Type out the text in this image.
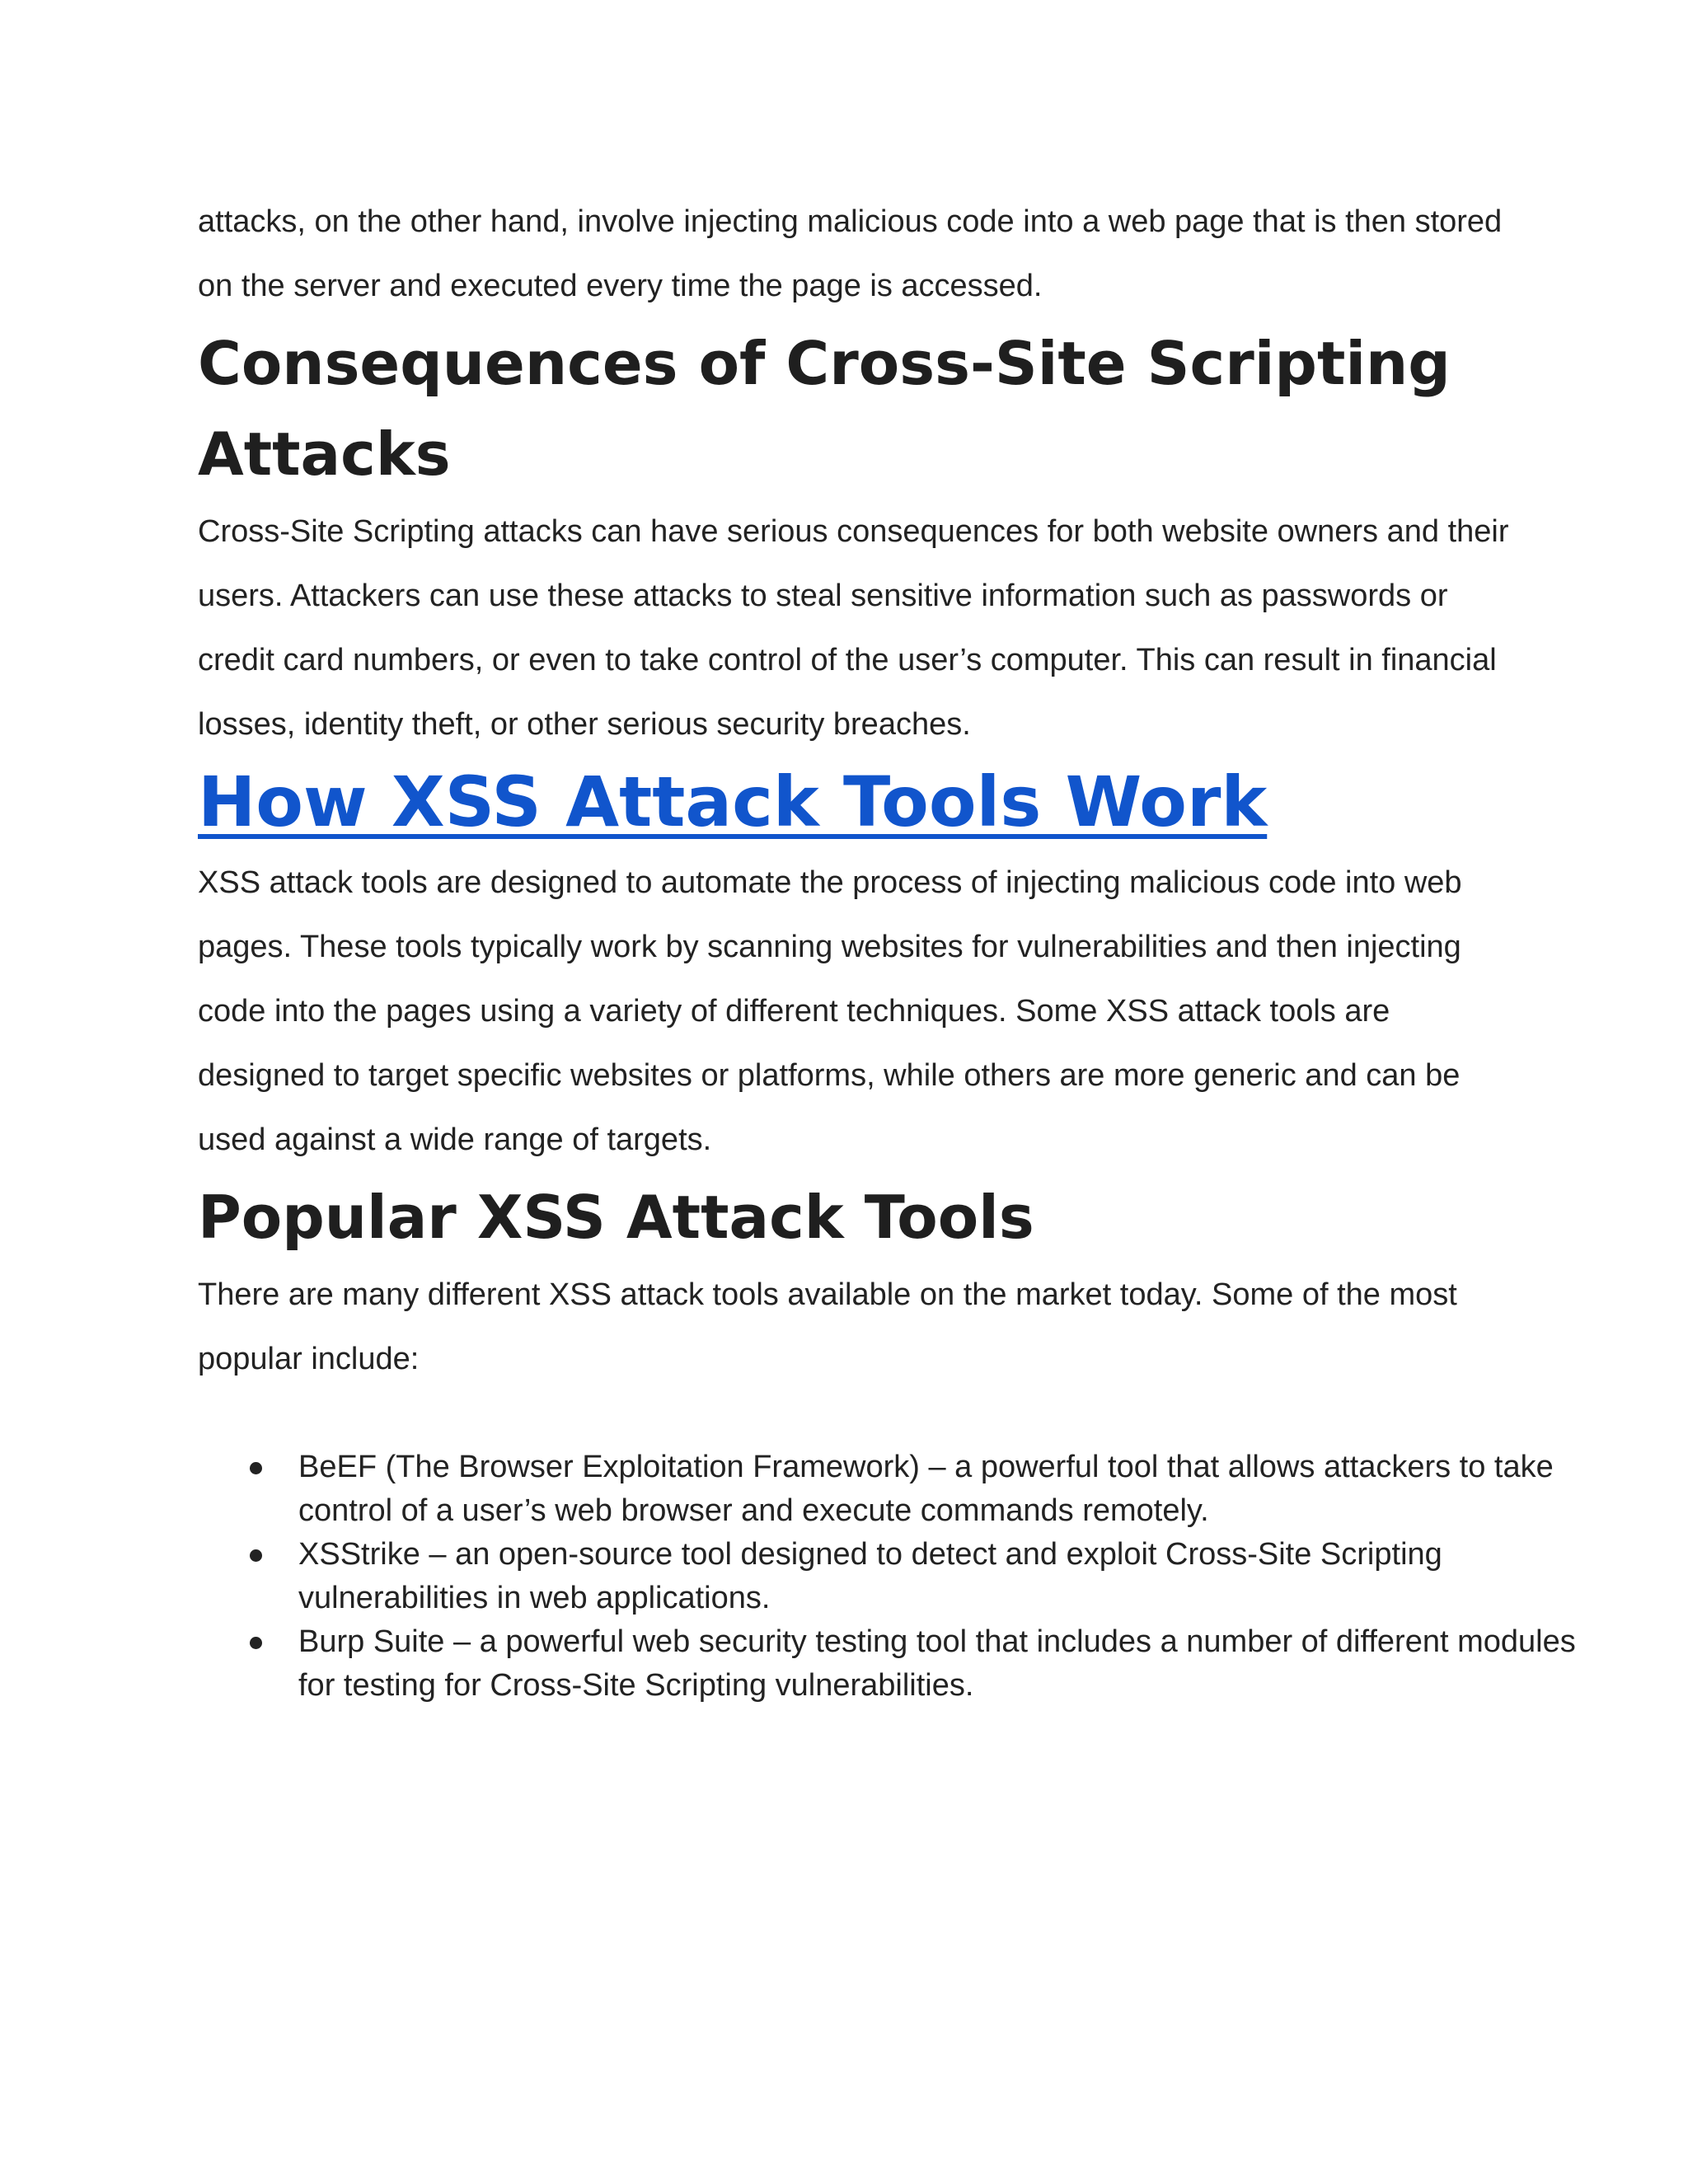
attacks, on the other hand, involve injecting malicious code into a web page that is then stored on the server and executed every time the page is accessed.

Consequences of Cross-Site Scripting Attacks

Cross-Site Scripting attacks can have serious consequences for both website owners and their users. Attackers can use these attacks to steal sensitive information such as passwords or credit card numbers, or even to take control of the user’s computer. This can result in financial losses, identity theft, or other serious security breaches.

How XSS Attack Tools Work

XSS attack tools are designed to automate the process of injecting malicious code into web pages. These tools typically work by scanning websites for vulnerabilities and then injecting code into the pages using a variety of different techniques. Some XSS attack tools are designed to target specific websites or platforms, while others are more generic and can be used against a wide range of targets.

Popular XSS Attack Tools

There are many different XSS attack tools available on the market today. Some of the most popular include:

BeEF (The Browser Exploitation Framework) – a powerful tool that allows attackers to take control of a user’s web browser and execute commands remotely.
XSStrike – an open-source tool designed to detect and exploit Cross-Site Scripting vulnerabilities in web applications.
Burp Suite – a powerful web security testing tool that includes a number of different modules for testing for Cross-Site Scripting vulnerabilities.
